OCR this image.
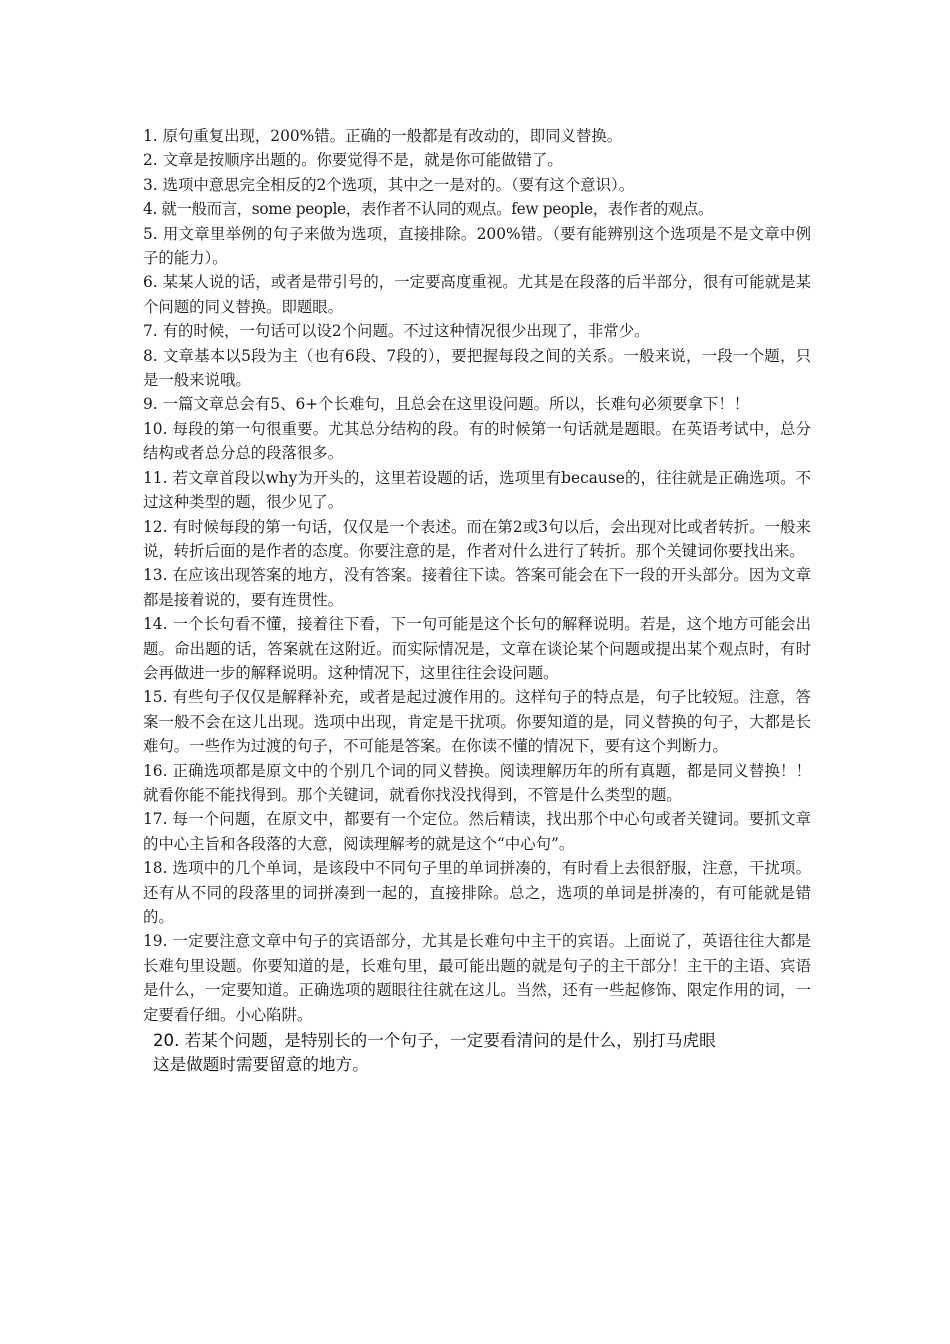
1. 原句重复出现，200%错。正确的一般都是有改动的，即同义替换。

2. 文章是按顺序出题的。你要觉得不是，就是你可能做错了。

3. 选项中意思完全相反的2个选项，其中之一是对的。（要有这个意识）。

4. 就一般而言，some people，表作者不认同的观点。few people，表作者的观点。

5. 用文章里举例的句子来做为选项，直接排除。200%错。（要有能辨别这个选项是不是文章中例子的能力）。

6. 某某人说的话，或者是带引号的，一定要高度重视。尤其是在段落的后半部分，很有可能就是某个问题的同义替换。即题眼。

7. 有的时候，一句话可以设2个问题。不过这种情况很少出现了，非常少。

8. 文章基本以5段为主（也有6段、7段的），要把握每段之间的关系。一般来说，一段一个题，只是一般来说哦。

9. 一篇文章总会有5、6+个长难句，且总会在这里设问题。所以，长难句必须要拿下！！

10. 每段的第一句很重要。尤其总分结构的段。有的时候第一句话就是题眼。在英语考试中，总分结构或者总分总的段落很多。

11. 若文章首段以why为开头的，这里若设题的话，选项里有because的，往往就是正确选项。不过这种类型的题，很少见了。

12. 有时候每段的第一句话，仅仅是一个表述。而在第2或3句以后，会出现对比或者转折。一般来说，转折后面的是作者的态度。你要注意的是，作者对什么进行了转折。那个关键词你要找出来。

13. 在应该出现答案的地方，没有答案。接着往下读。答案可能会在下一段的开头部分。因为文章都是接着说的，要有连贯性。

14. 一个长句看不懂，接着往下看，下一句可能是这个长句的解释说明。若是，这个地方可能会出题。命出题的话，答案就在这附近。而实际情况是，文章在谈论某个问题或提出某个观点时，有时会再做进一步的解释说明。这种情况下，这里往往会设问题。

15. 有些句子仅仅是解释补充，或者是起过渡作用的。这样句子的特点是，句子比较短。注意，答案一般不会在这儿出现。选项中出现，肯定是干扰项。你要知道的是，同义替换的句子，大都是长难句。一些作为过渡的句子，不可能是答案。在你读不懂的情况下，要有这个判断力。

16. 正确选项都是原文中的个别几个词的同义替换。阅读理解历年的所有真题，都是同义替换！！就看你能不能找得到。那个关键词，就看你找没找得到，不管是什么类型的题。

17. 每一个问题，在原文中，都要有一个定位。然后精读，找出那个中心句或者关键词。要抓文章的中心主旨和各段落的大意，阅读理解考的就是这个“中心句”。

18. 选项中的几个单词，是该段中不同句子里的单词拼凑的，有时看上去很舒服，注意，干扰项。还有从不同的段落里的词拼凑到一起的，直接排除。总之，选项的单词是拼凑的，有可能就是错的。

19. 一定要注意文章中句子的宾语部分，尤其是长难句中主干的宾语。上面说了，英语往往大都是长难句里设题。你要知道的是，长难句里，最可能出题的就是句子的主干部分！主干的主语、宾语是什么，一定要知道。正确选项的题眼往往就在这儿。当然，还有一些起修饰、限定作用的词，一定要看仔细。小心陷阱。

20. 若某个问题，是特别长的一个句子，一定要看清问的是什么，别打马虎眼
这是做题时需要留意的地方。
